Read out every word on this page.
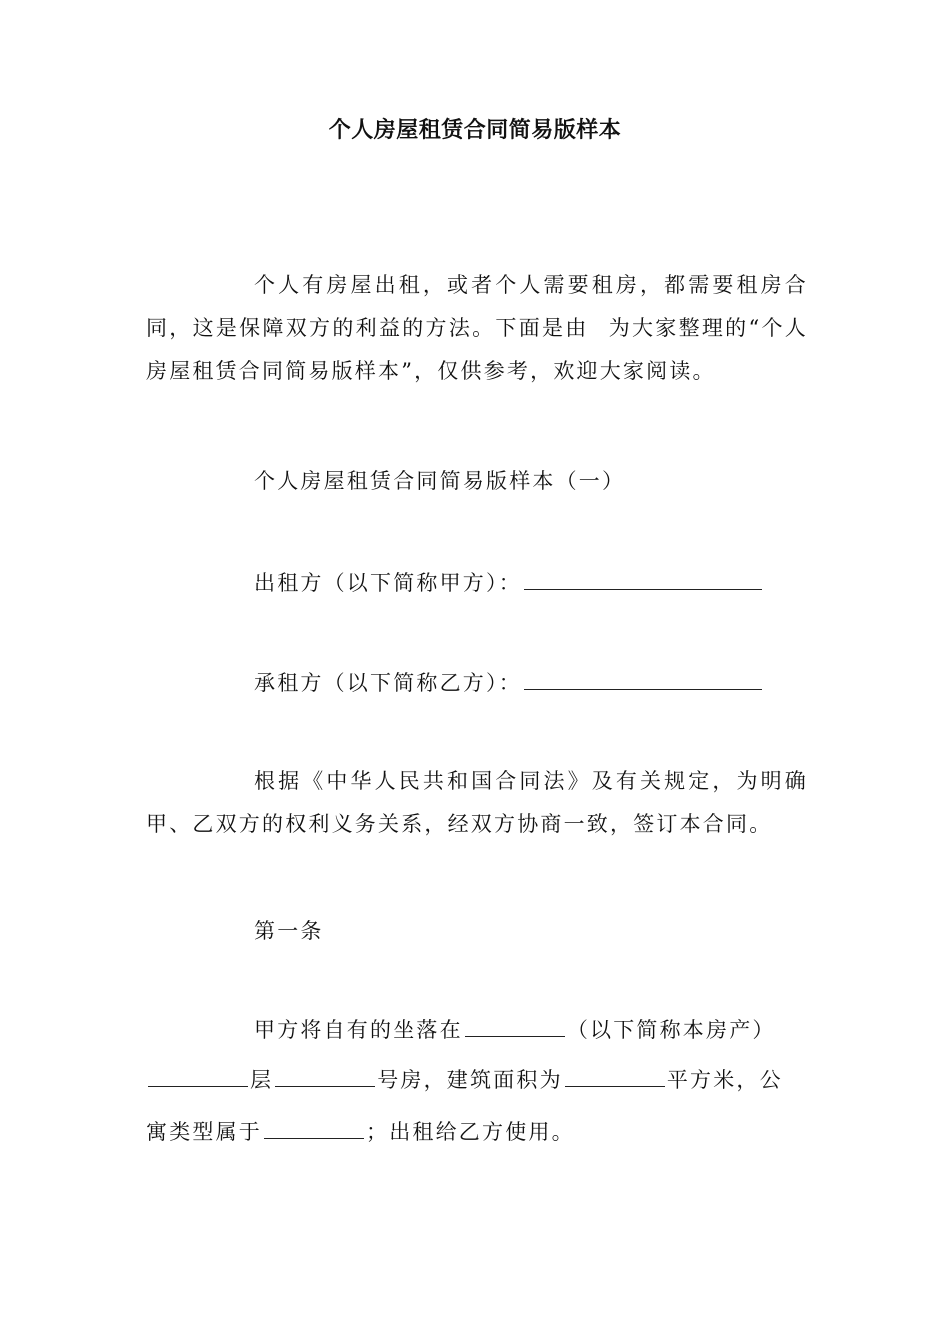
个人房屋租赁合同简易版样本

个人有房屋出租，或者个人需要租房，都需要租房合同，这是保障双方的利益的方法。下面是由 为大家整理的“个人房屋租赁合同简易版样本”，仅供参考，欢迎大家阅读。

个人房屋租赁合同简易版样本（一）
出租方（以下简称甲方）：
承租方（以下简称乙方）：

根据《中华人民共和国合同法》及有关规定，为明确甲、乙双方的权利义务关系，经双方协商一致，签订本合同。

第一条
甲方将自有的坐落在	（以下简称本房产）
层	号房，建筑面积为	平方米，公
寓类型属于	；出租给乙方使用。
